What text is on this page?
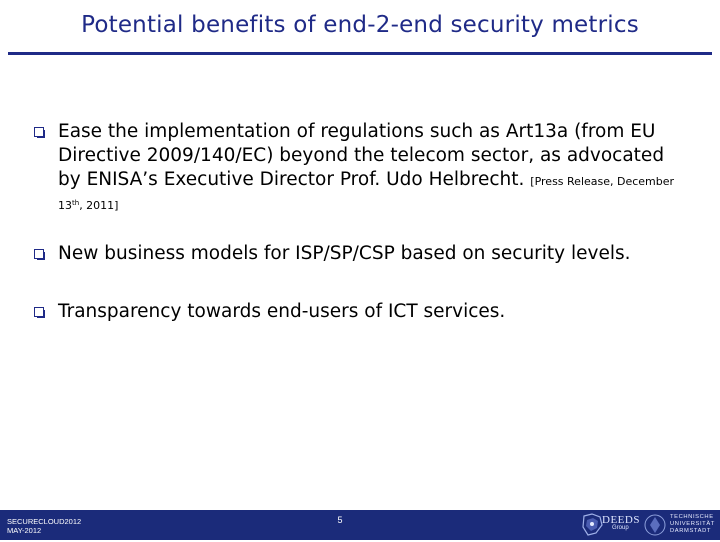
Potential benefits of end-2-end security metrics
Ease the implementation of regulations such as Art13a (from EU Directive 2009/140/EC) beyond the telecom sector, as advocated by ENISA’s Executive Director Prof. Udo Helbrecht. [Press Release, December 13th, 2011]
New business models for ISP/SP/CSP based on security levels.
Transparency towards end-users of ICT services.
SECURECLOUD2012
MAY-2012
5	DEEDS
Group
TECHNISCHE
UNIVERSITÄT
DARMSTADT
